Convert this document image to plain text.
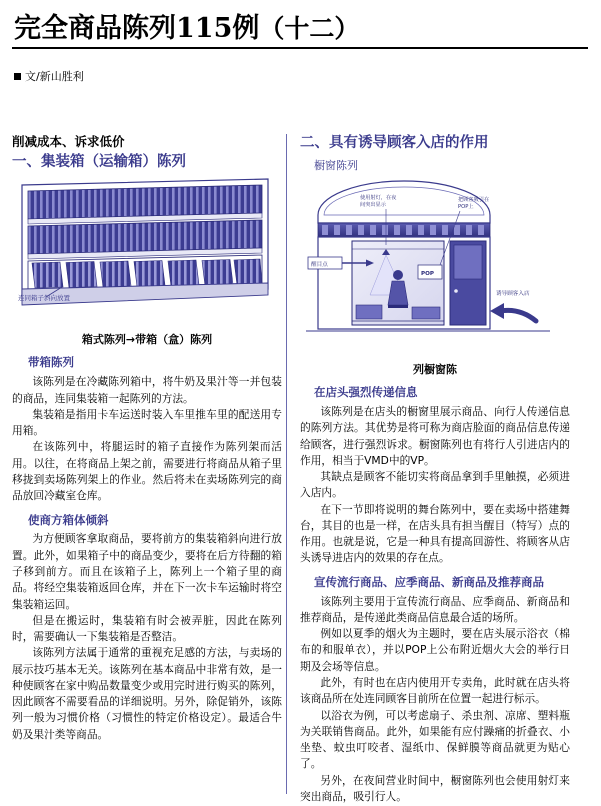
完全商品陈列115例（十二）
文/新山胜利
削减成本、诉求低价
一、集装箱（运输箱）陈列
连同箱子斜向放置
箱式陈列→带箱（盒）陈列
带箱陈列

该陈列是在冷藏陈列箱中，将牛奶及果汁等一并包装的商品，连同集装箱一起陈列的方法。

集装箱是指用卡车运送时装入车里推车里的配送用专用箱。

在该陈列中，将腿运时的箱子直接作为陈列架而活用。以往，在将商品上架之前，需要进行将商品从箱子里移拢到卖场陈列架上的作业。然后将未在卖场陈列完的商品放回冷藏室仓库。

使商方箱体倾斜

为方便顾客拿取商品，要将前方的集装箱斜向进行放置。此外，如果箱子中的商品变少，要将在后方待翻的箱子移到前方。而且在该箱子上，陈列上一个箱子里的商品。将经空集装箱返回仓库，并在下一次卡车运输时将空集装箱运回。

但是在搬运时，集装箱有时会被弄脏，因此在陈列时，需要确认一下集装箱是否整洁。

该陈列方法属于通常的重视充足感的方法，与卖场的展示技巧基本无关。该陈列在基本商品中非常有效，是一种使顾客在家中购品数量变少或用完时进行购买的陈列，因此顾客不需要看品的详细说明。另外，除促销外，该陈列一般为习惯价格（习惯性的特定价格设定）。最适合牛奶及果汁类等商品。

二、具有诱导顾客入店的作用
橱窗陈列
POP
使用射灯，在夜
间突出显示
把顾客吸引在
POP上
醒目点
诱导顾客入店
列橱窗陈
在店头强烈传递信息

该陈列是在店头的橱窗里展示商品、向行人传递信息的陈列方法。其优势是将可称为商店脸面的商品信息传递给顾客，进行强烈诉求。橱窗陈列也有将行人引进店内的作用，相当于VMD中的VP。

其缺点是顾客不能切实将商品拿到手里触摸，必须进入店内。

在下一节即将说明的舞台陈列中，要在卖场中搭建舞台，其目的也是一样，在店头具有担当醒目（特写）点的作用。也就是说，它是一种具有提高回游性、将顾客从店头诱导进店内的效果的存在点。

宣传流行商品、应季商品、新商品及推荐商品

该陈列主要用于宣传流行商品、应季商品、新商品和推荐商品，是传递此类商品信息最合适的场所。

例如以夏季的烟火为主题时，要在店头展示浴衣（棉布的和服单衣），并以POP上公布附近烟火大会的举行日期及会场等信息。

此外，有时也在店内使用开专卖角，此时就在店头将该商品所在处连同顾客目前所在位置一起进行标示。

以浴衣为例，可以考虑扇子、杀虫剂、凉席、塑料瓶为关联销售商品。此外，如果能有应付躁痛的折叠衣、小坐垫、蚊虫叮咬者、湿纸巾、保鲜膜等商品就更为贴心了。

另外，在夜间营业时间中，橱窗陈列也会使用射灯来突出商品，吸引行人。
